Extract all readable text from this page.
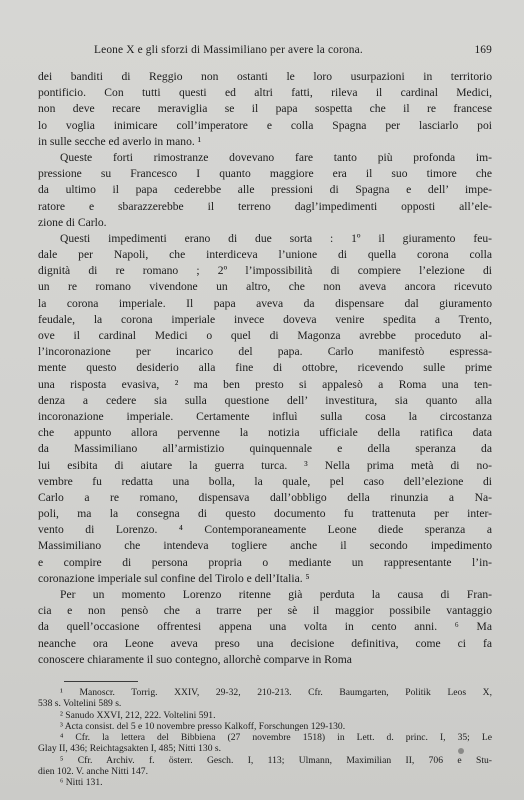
Leone X e gli sforzi di Massimiliano per avere la corona.	169
dei banditi di Reggio non ostanti le loro usurpazioni in territorio
pontificio. Con tutti questi ed altri fatti, rileva il cardinal Medici,
non deve recare meraviglia se il papa sospetta che il re francese
lo voglia inimicare coll’imperatore e colla Spagna per lasciarlo poi
in sulle secche ed averlo in mano. ¹
Queste forti rimostranze dovevano fare tanto più profonda im-
pressione su Francesco I quanto maggiore era il suo timore che
da ultimo il papa cederebbe alle pressioni di Spagna e dell’ impe-
ratore e sbarazzerebbe il terreno dagl’impedimenti opposti all’ele-
zione di Carlo.
Questi impedimenti erano di due sorta : 1º il giuramento feu-
dale per Napoli, che interdiceva l’unione di quella corona colla
dignità di re romano ; 2º l’impossibilità di compiere l’elezione di
un re romano vivendone un altro, che non aveva ancora ricevuto
la corona imperiale. Il papa aveva da dispensare dal giuramento
feudale, la corona imperiale invece doveva venire spedita a Trento,
ove il cardinal Medici o quel di Magonza avrebbe proceduto al-
l’incoronazione per incarico del papa. Carlo manifestò espressa-
mente questo desiderio alla fine di ottobre, ricevendo sulle prime
una risposta evasiva, ² ma ben presto si appalesò a Roma una ten-
denza a cedere sia sulla questione dell’ investitura, sia quanto alla
incoronazione imperiale. Certamente influì sulla cosa la circostanza
che appunto allora pervenne la notizia ufficiale della ratifica data
da Massimiliano all’armistizio quinquennale e della speranza da
lui esibita di aiutare la guerra turca. ³ Nella prima metà di no-
vembre fu redatta una bolla, la quale, pel caso dell’elezione di
Carlo a re romano, dispensava dall’obbligo della rinunzia a Na-
poli, ma la consegna di questo documento fu trattenuta per inter-
vento di Lorenzo. ⁴ Contemporaneamente Leone diede speranza a
Massimiliano che intendeva togliere anche il secondo impedimento
e compire di persona propria o mediante un rappresentante l’in-
coronazione imperiale sul confine del Tirolo e dell’Italia. ⁵
Per un momento Lorenzo ritenne già perduta la causa di Fran-
cia e non pensò che a trarre per sè il maggior possibile vantaggio
da quell’occasione offrentesi appena una volta in cento anni. ⁶ Ma
neanche ora Leone aveva preso una decisione definitiva, come ci fa
conoscere chiaramente il suo contegno, allorchè comparve in Roma
¹ Manoscr. Torrig. XXIV, 29-32, 210-213. Cfr. Baumgarten, Politik Leos X,
538 s. Voltelini 589 s.
² Sanudo XXVI, 212, 222. Voltelini 591.
³ Acta consist. del 5 e 10 novembre presso Kalkoff, Forschungen 129-130.
⁴ Cfr. la lettera del Bibbiena (27 novembre 1518) in Lett. d. princ. I, 35; Le
Glay II, 436; Reichtagsakten I, 485; Nitti 130 s.
⁵ Cfr. Archiv. f. österr. Gesch. I, 113; Ulmann, Maximilian II, 706 e Stu-
dien 102. V. anche Nitti 147.
⁶ Nitti 131.
